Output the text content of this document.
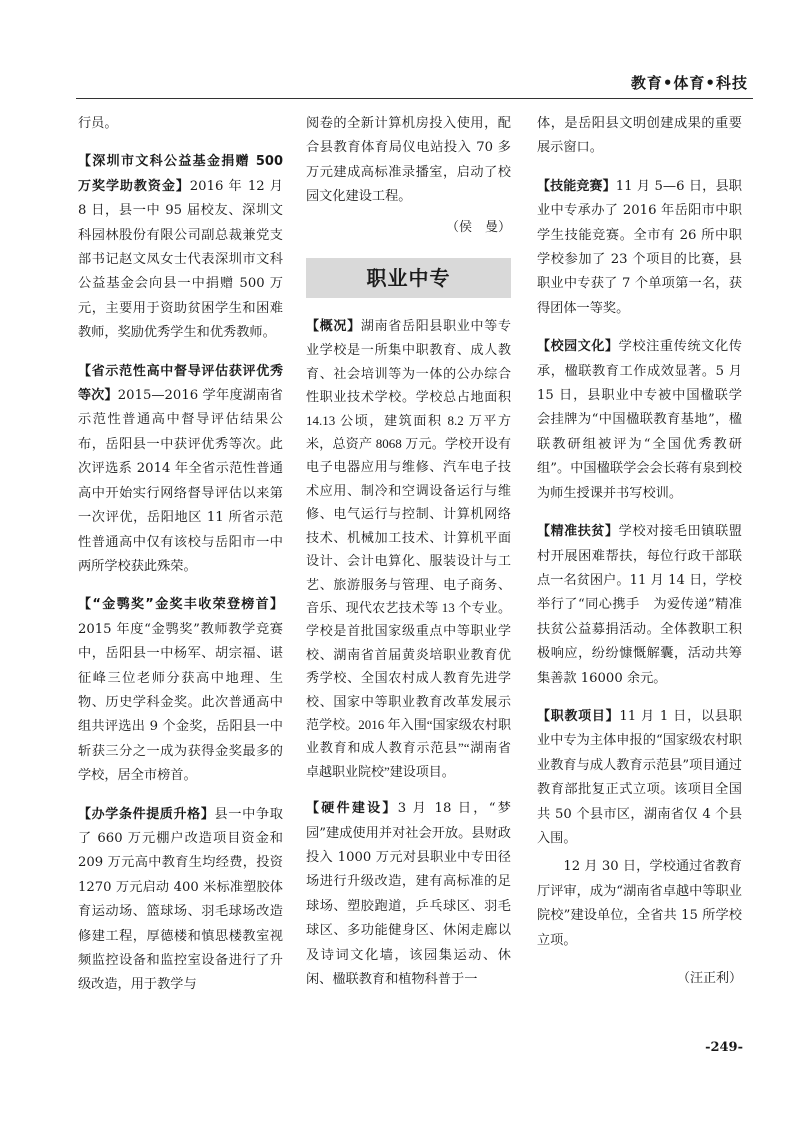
教育•体育•科技

行员。

【深圳市文科公益基金捐赠 500 万奖学助教资金】2016 年 12 月 8 日，县一中 95 届校友、深圳文科园林股份有限公司副总裁兼党支部书记赵文凤女士代表深圳市文科公益基金会向县一中捐赠 500 万元，主要用于资助贫困学生和困难教师，奖励优秀学生和优秀教师。

【省示范性高中督导评估获评优秀等次】2015—2016 学年度湖南省示范性普通高中督导评估结果公布，岳阳县一中获评优秀等次。此次评选系 2014 年全省示范性普通高中开始实行网络督导评估以来第一次评优，岳阳地区 11 所省示范性普通高中仅有该校与岳阳市一中两所学校获此殊荣。

【“金鹗奖”金奖丰收荣登榜首】2015 年度“金鹗奖”教师教学竞赛中，岳阳县一中杨军、胡宗福、谌征峰三位老师分获高中地理、生物、历史学科金奖。此次普通高中组共评选出 9 个金奖，岳阳县一中斩获三分之一成为获得金奖最多的学校，居全市榜首。

【办学条件提质升格】县一中争取了 660 万元棚户改造项目资金和 209 万元高中教育生均经费，投资 1270 万元启动 400 米标准塑胶体育运动场、篮球场、羽毛球场改造修建工程，厚德楼和慎思楼教室视频监控设备和监控室设备进行了升级改造，用于教学与

阅卷的全新计算机房投入使用，配合县教育体育局仪电站投入 70 多万元建成高标准录播室，启动了校园文化建设工程。

（侯　曼）

职业中专

【概况】湖南省岳阳县职业中等专业学校是一所集中职教育、成人教育、社会培训等为一体的公办综合性职业技术学校。学校总占地面积 14.13 公顷，建筑面积 8.2 万平方米，总资产 8068 万元。学校开设有电子电器应用与维修、汽车电子技术应用、制冷和空调设备运行与维修、电气运行与控制、计算机网络技术、机械加工技术、计算机平面设计、会计电算化、服装设计与工艺、旅游服务与管理、电子商务、音乐、现代农艺技术等 13 个专业。学校是首批国家级重点中等职业学校、湖南省首届黄炎培职业教育优秀学校、全国农村成人教育先进学校、国家中等职业教育改革发展示范学校。2016 年入围“国家级农村职业教育和成人教育示范县”“湖南省卓越职业院校”建设项目。

【硬件建设】3 月 18 日，“梦园”建成使用并对社会开放。县财政投入 1000 万元对县职业中专田径场进行升级改造，建有高标准的足球场、塑胶跑道，乒乓球区、羽毛球区、多功能健身区、休闲走廊以及诗词文化墙，该园集运动、休闲、楹联教育和植物科普于一

体，是岳阳县文明创建成果的重要展示窗口。

【技能竞赛】11 月 5—6 日，县职业中专承办了 2016 年岳阳市中职学生技能竞赛。全市有 26 所中职学校参加了 23 个项目的比赛，县职业中专获了 7 个单项第一名，获得团体一等奖。

【校园文化】学校注重传统文化传承，楹联教育工作成效显著。5 月 15 日，县职业中专被中国楹联学会挂牌为“中国楹联教育基地”，楹联教研组被评为“全国优秀教研组”。中国楹联学会会长蒋有泉到校为师生授课并书写校训。

【精准扶贫】学校对接毛田镇联盟村开展困难帮扶，每位行政干部联点一名贫困户。11 月 14 日，学校举行了“同心携手　为爱传递”精准扶贫公益募捐活动。全体教职工积极响应，纷纷慷慨解囊，活动共筹集善款 16000 余元。

【职教项目】11 月 1 日，以县职业中专为主体申报的“国家级农村职业教育与成人教育示范县”项目通过教育部批复正式立项。该项目全国共 50 个县市区，湖南省仅 4 个县入围。

12 月 30 日，学校通过省教育厅评审，成为“湖南省卓越中等职业院校”建设单位，全省共 15 所学校立项。

（汪正利）

-249-
